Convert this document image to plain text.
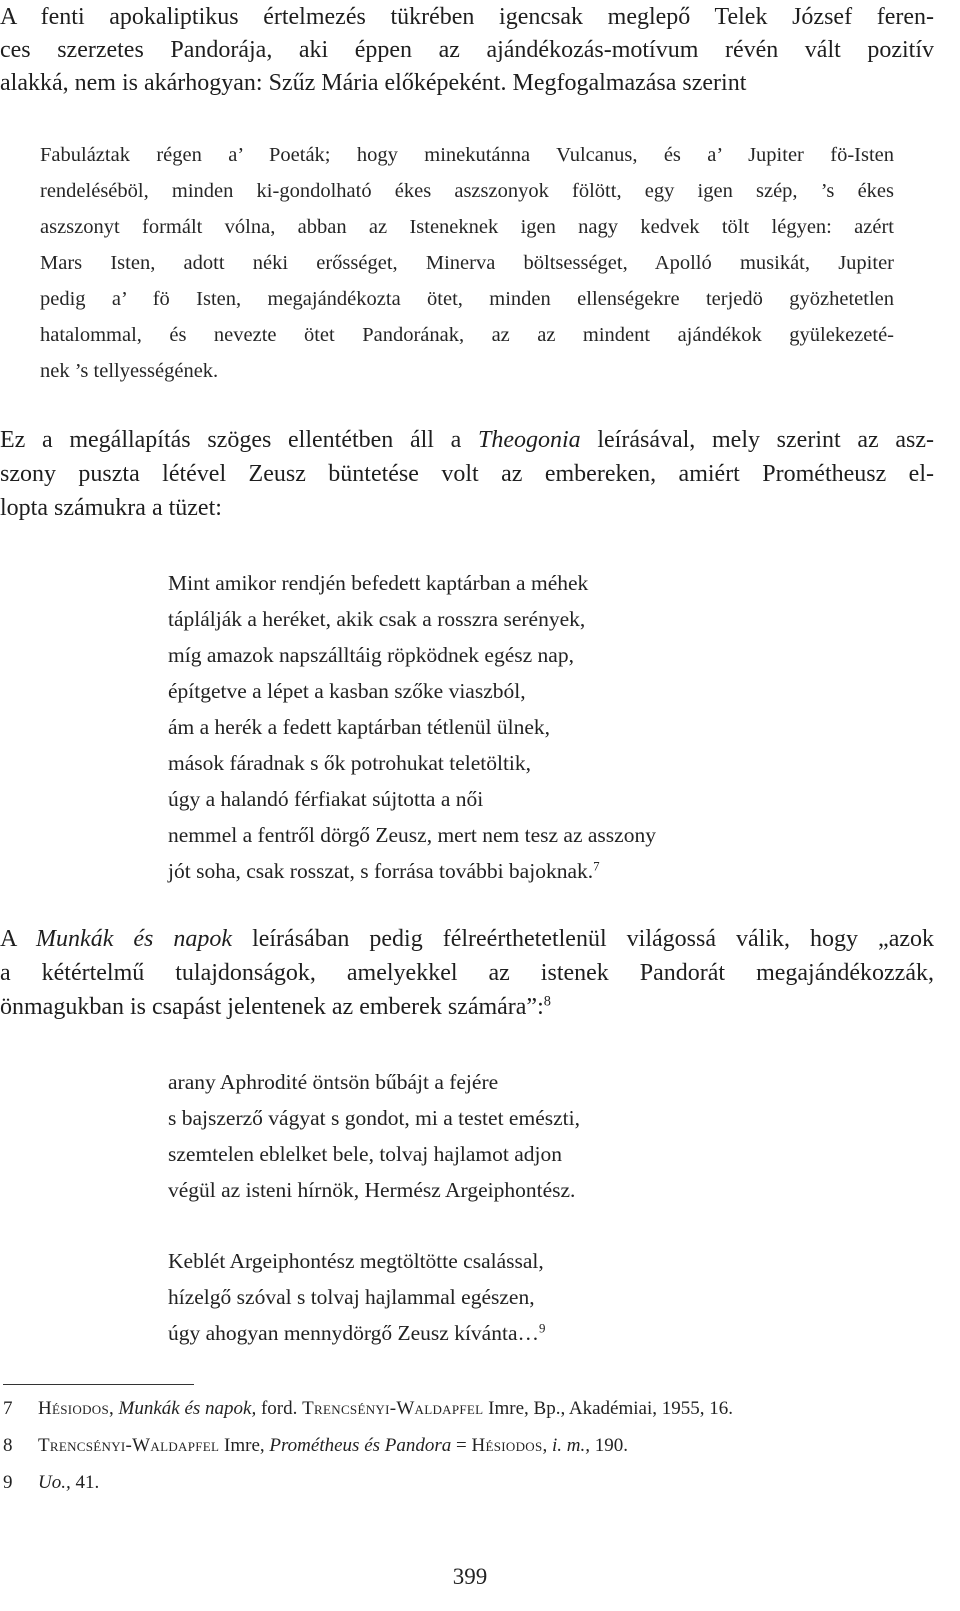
A fenti apokaliptikus értelmezés tükrében igencsak meglepő Telek József feren-
ces szerzetes Pandorája, aki éppen az ajándékozás-motívum révén vált pozitív
alakká, nem is akárhogyan: Szűz Mária előképeként. Megfogalmazása szerint
Fabuláztak régen a’ Poeták; hogy minekutánna Vulcanus, és a’ Jupiter fö-Isten
rendeléséböl, minden ki-gondolható ékes aszszonyok fölött, egy igen szép, ’s ékes
aszszonyt formált vólna, abban az Isteneknek igen nagy kedvek tölt légyen: azért
Mars Isten, adott néki erősséget, Minerva böltsességet, Apolló musikát, Jupiter
pedig a’ fö Isten, megajándékozta ötet, minden ellenségekre terjedö gyözhetetlen
hatalommal, és nevezte ötet Pandorának, az az mindent ajándékok gyülekezeté-
nek ’s tellyességének.
Ez a megállapítás szöges ellentétben áll a Theogonia leírásával, mely szerint az asz-
szony puszta létével Zeusz büntetése volt az embereken, amiért Prométheusz el-
lopta számukra a tüzet:
Mint amikor rendjén befedett kaptárban a méhek
táplálják a heréket, akik csak a rosszra serények,
míg amazok napszálltáig röpködnek egész nap,
építgetve a lépet a kasban szőke viaszból,
ám a herék a fedett kaptárban tétlenül ülnek,
mások fáradnak s ők potrohukat teletöltik,
úgy a halandó férfiakat sújtotta a női
nemmel a fentről dörgő Zeusz, mert nem tesz az asszony
jót soha, csak rosszat, s forrása további bajoknak.$^7$
A Munkák és napok leírásában pedig félreérthetetlenül világossá válik, hogy „azok
a kétértelmű tulajdonságok, amelyekkel az istenek Pandorát megajándékozzák,
önmagukban is csapást jelentenek az emberek számára”:$^8$
arany Aphrodité öntsön bűbájt a fejére
s bajszerző vágyat s gondot, mi a testet emészti,
szemtelen eblelket bele, tolvaj hajlamot adjon
végül az isteni hírnök, Hermész Argeiphontész.
Keblét Argeiphontész megtöltötte csalással,
hízelgő szóval s tolvaj hajlammal egészen,
úgy ahogyan mennydörgő Zeusz kívánta…$^9$
7 Hésiodos, Munkák és napok, ford. Trencsényi-Waldapfel Imre, Bp., Akadémiai, 1955, 16.
8 Trencsényi-Waldapfel Imre, Prométheus és Pandora = Hésiodos, i. m., 190.
9 Uo., 41.
399
